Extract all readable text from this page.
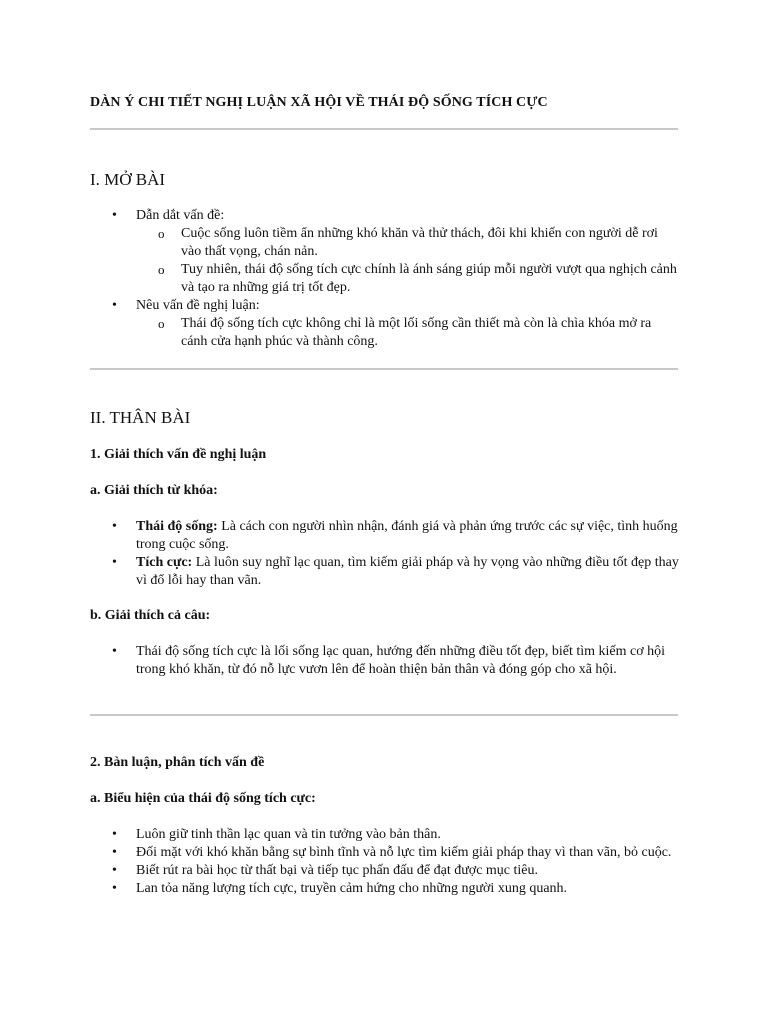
DÀN Ý CHI TIẾT NGHỊ LUẬN XÃ HỘI VỀ THÁI ĐỘ SỐNG TÍCH CỰC
I. MỞ BÀI
• Dẫn dắt vấn đề:
o Cuộc sống luôn tiềm ẩn những khó khăn và thử thách, đôi khi khiến con người dễ rơi vào thất vọng, chán nản.
o Tuy nhiên, thái độ sống tích cực chính là ánh sáng giúp mỗi người vượt qua nghịch cảnh và tạo ra những giá trị tốt đẹp.
• Nêu vấn đề nghị luận:
o Thái độ sống tích cực không chỉ là một lối sống cần thiết mà còn là chìa khóa mở ra cánh cửa hạnh phúc và thành công.
II. THÂN BÀI
1. Giải thích vấn đề nghị luận
a. Giải thích từ khóa:
• Thái độ sống: Là cách con người nhìn nhận, đánh giá và phản ứng trước các sự việc, tình huống trong cuộc sống.
• Tích cực: Là luôn suy nghĩ lạc quan, tìm kiếm giải pháp và hy vọng vào những điều tốt đẹp thay vì đổ lỗi hay than vãn.
b. Giải thích cả câu:
• Thái độ sống tích cực là lối sống lạc quan, hướng đến những điều tốt đẹp, biết tìm kiếm cơ hội trong khó khăn, từ đó nỗ lực vươn lên để hoàn thiện bản thân và đóng góp cho xã hội.
2. Bàn luận, phân tích vấn đề
a. Biểu hiện của thái độ sống tích cực:
• Luôn giữ tinh thần lạc quan và tin tưởng vào bản thân.
• Đối mặt với khó khăn bằng sự bình tĩnh và nỗ lực tìm kiếm giải pháp thay vì than vãn, bỏ cuộc.
• Biết rút ra bài học từ thất bại và tiếp tục phấn đấu để đạt được mục tiêu.
• Lan tỏa năng lượng tích cực, truyền cảm hứng cho những người xung quanh.
